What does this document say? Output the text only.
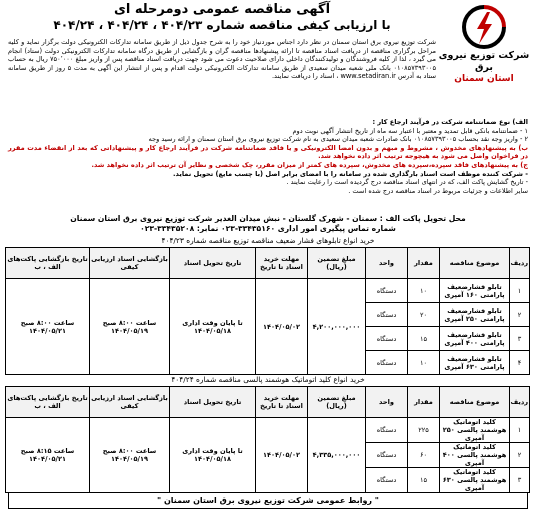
شرکت توزیع نیروی برق
استان سمنان
آگهی مناقصه عمومی دومرحله ای
با ارزیابی کیفی مناقصه شماره ۴۰۴/۲۳ ، ۴۰۴/۲۴ ، ۴۰۴/۲۴
شرکت توزیع نیروی برق استان سمنان در نظر دارد اجناس موردنیاز خود را به شرح جدول ذیل از طریق سامانه تدارکات الکترونیکی دولت برگزار نماید و کلیه مراحل برگزاری مناقصه از دریافت اسناد مناقصه تا ارائه پیشنهادها مناقصه گران و بازگشایی از طریق درگاه سامانه تدارکات الکترونیکی دولت (ستاد) انجام می گیرد ، لذا از کلیه فروشندگان و تولیدکنندگان داخلی دارای صلاحیت دعوت می شود جهت دریافت اسناد مناقصه پس از واریز مبلغ ۷۵۰٬۰۰۰ ریال به حساب ۰۱۰۸۵۷۳۹۳۰۰۵ بانک ملی شعبه میدان سعیدی از طریق سامانه تدارکات الکترونیکی دولت اقدام و پس از انتشار این آگهی به مدت ۵ روز از طریق سامانه ستاد به آدرس www.setadiran.ir ، اسناد را دریافت نمایند.
الف) نوع ضمانتنامه شرکت در فرآیند ارجاع کار :
۱ - ضمانتنامه بانکی قابل تمدید و معتبر با اعتبار سه ماه از تاریخ انتشار آگهی نوبت دوم
۲ - واریز وجه نقد بحساب ۰۱۰۸۵۷۳۹۳۰۰۵ بانک صادرات شعبه میدان سعیدی به نام شرکت توزیع نیروی برق استان سمنان و ارائه رسید وجه
ب) به پیشنهادهای مخدوش ، مشروط و مبهم و بدون امضا الکترونیکی و یا فاقد ضمانتنامه شرکت در فرآیند ارجاع کار و پیشنهاداتی که بعد از انقضاء مدت مقرر در فراخوان واصل می شود به هیچوجه ترتیب اثر داده نخواهد شد.
ج) به پیشنهادهای فاقد سپرده،سپرده های مخدوش، سپرده های کمتر از میزان مقرر، چک شخصی و نظایر آن ترتیب اثر داده نخواهد شد.
- شرکت کننده موظف است اسناد بارگذاری شده در سامانه را با امضای برابر اصل (با چسب مایع) تحویل نماید.
- تاریخ گشایش پاکت الف، که در انتهای اسناد مناقصه درج گردیده است را رعایت نمایند .
سایر اطلاعات و جزئیات مربوط در اسناد مناقصه درج شده است .
محل تحویل پاکت الف : سمنان - شهرک گلستان - نبش میدان الغدیر شرکت توزیع نیروی برق استان سمنان
شماره تماس پیگیری امور اداری ۳۳۴۳۵۱۶۰-۰۲۳ نمابر: ۳۳۴۳۵۲۰۸-۰۲۳
خرید انواع تابلوهای فشار ضعیف مناقصه توزیع مناقصه شماره ۴۰۴/۲۳
ردیف	موضوع مناقصه	مقدار	واحد	مبلغ تضمین (ریال)	مهلت خرید اسناد تا تاریخ	تاریخ تحویل اسناد	بازگشایی اسناد ارزیابی کیفی	تاریخ بازگشایی پاکت‌های الف ، ب
۱	تابلو فشارضعیف پارامتی ۱۶۰ آمپری	۱۰	دستگاه	۴,۲۰۰,۰۰۰,۰۰۰	۱۴۰۴/۰۵/۰۲	تا پایان وقت اداری ۱۴۰۴/۰۵/۱۸	ساعت ۸:۰۰ صبح ۱۴۰۴/۰۵/۱۹	ساعت ۸:۰۰ صبح ۱۴۰۴/۰۵/۲۱
۲	تابلو فشارضعیف پارامتی ۲۵۰ آمپری	۲۰	دستگاه					
۳	تابلو فشارضعیف پارامتی ۴۰۰ آمپری	۱۵	دستگاه					
۴	تابلو فشارضعیف پارامتی ۶۳۰ آمپری	۱۰	دستگاه					
خرید انواع کلید اتوماتیک هوشمند پالسی مناقصه شماره ۴۰۴/۲۴
ردیف	موضوع مناقصه	مقدار	واحد	مبلغ تضمین (ریال)	مهلت خرید اسناد تا تاریخ	تاریخ تحویل اسناد	بازگشایی اسناد ارزیابی کیفی	تاریخ بازگشایی پاکت‌های الف ، ب
۱	کلید اتوماتیک هوشمند پالسی ۲۵۰ آمپری	۲۲۵	دستگاه	۴,۳۳۵,۰۰۰,۰۰۰	۱۴۰۴/۰۵/۰۲	تا پایان وقت اداری ۱۴۰۴/۰۵/۱۸	ساعت ۸:۰۰ صبح ۱۴۰۴/۰۵/۱۹	ساعت ۸:۱۵ صبح ۱۴۰۴/۰۵/۲۱
۲	کلید اتوماتیک هوشمند پالسی ۴۰۰ آمپری	۶۰	دستگاه					
۳	کلید اتوماتیک هوشمند پالسی ۶۳۰ آمپری	۱۵	دستگاه					
" روابط عمومی شرکت توزیع نیروی برق استان سمنان "
